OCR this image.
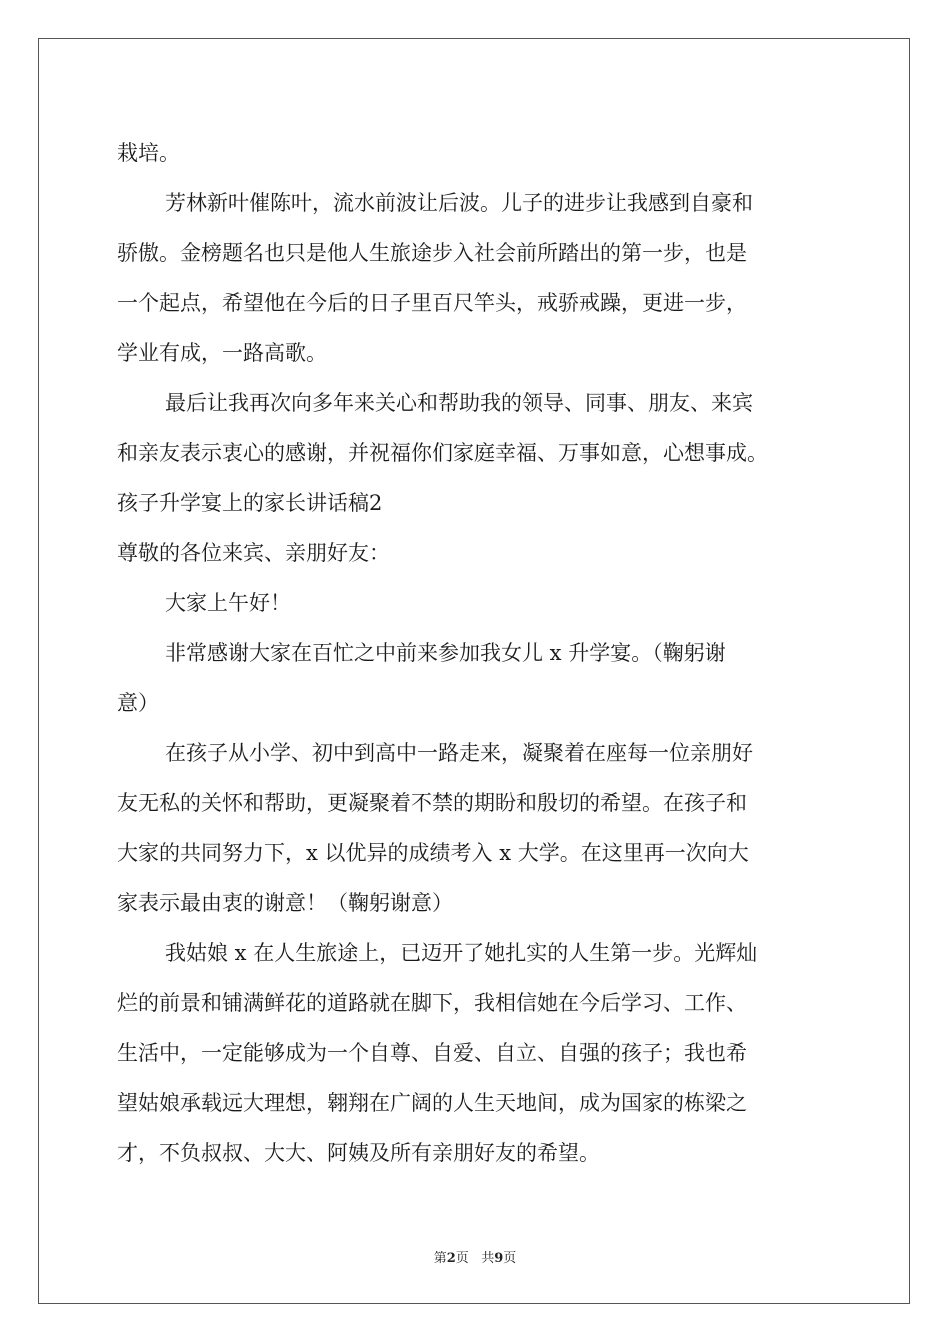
栽培。
芳林新叶催陈叶，流水前波让后波。儿子的进步让我感到自豪和
骄傲。金榜题名也只是他人生旅途步入社会前所踏出的第一步，也是
一个起点，希望他在今后的日子里百尺竿头，戒骄戒躁，更进一步，
学业有成，一路高歌。
最后让我再次向多年来关心和帮助我的领导、同事、朋友、来宾
和亲友表示衷心的感谢，并祝福你们家庭幸福、万事如意，心想事成。
孩子升学宴上的家长讲话稿2
尊敬的各位来宾、亲朋好友：
大家上午好！
非常感谢大家在百忙之中前来参加我女儿 x 升学宴。（鞠躬谢
意）
在孩子从小学、初中到高中一路走来，凝聚着在座每一位亲朋好
友无私的关怀和帮助，更凝聚着不禁的期盼和殷切的希望。在孩子和
大家的共同努力下，x 以优异的成绩考入 x 大学。在这里再一次向大
家表示最由衷的谢意！（鞠躬谢意）
我姑娘 x 在人生旅途上，已迈开了她扎实的人生第一步。光辉灿
烂的前景和铺满鲜花的道路就在脚下，我相信她在今后学习、工作、
生活中，一定能够成为一个自尊、自爱、自立、自强的孩子；我也希
望姑娘承载远大理想，翱翔在广阔的人生天地间，成为国家的栋梁之
才，不负叔叔、大大、阿姨及所有亲朋好友的希望。
第2页 共9页
